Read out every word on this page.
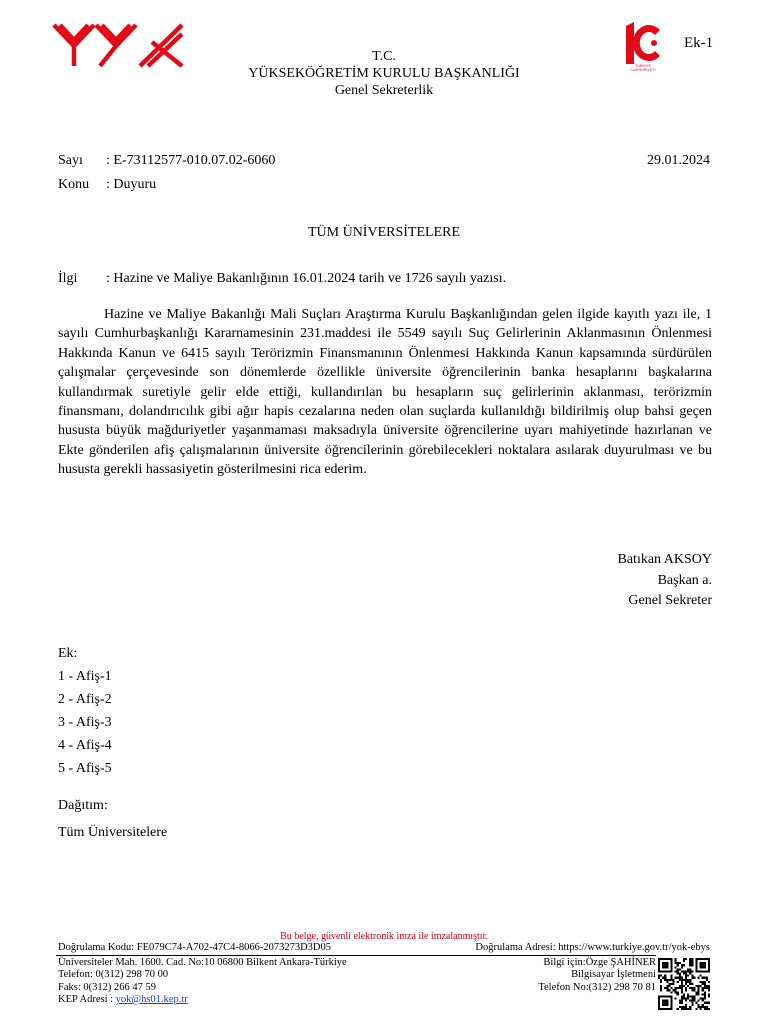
TÜRKİYE CUMHURİYETİ
Ek-1
T.C.
YÜKSEKÖĞRETİM KURULU BAŞKANLIĞI
Genel Sekreterlik
Sayı : E-73112577-010.07.02-6060	29.01.2024
Konu : Duyuru
TÜM ÜNİVERSİTELERE
İlgi : Hazine ve Maliye Bakanlığının 16.01.2024 tarih ve 1726 sayılı yazısı.

Hazine ve Maliye Bakanlığı Mali Suçları Araştırma Kurulu Başkanlığından gelen ilgide kayıtlı yazı ile, 1 sayılı Cumhurbaşkanlığı Kararnamesinin 231.maddesi ile 5549 sayılı Suç Gelirlerinin Aklanmasının Önlenmesi Hakkında Kanun ve 6415 sayılı Terörizmin Finansmanının Önlenmesi Hakkında Kanun kapsamında sürdürülen çalışmalar çerçevesinde son dönemlerde özellikle üniversite öğrencilerinin banka hesaplarını başkalarına kullandırmak suretiyle gelir elde ettiği, kullandırılan bu hesapların suç gelirlerinin aklanması, terörizmin finansmanı, dolandırıcılık gibi ağır hapis cezalarına neden olan suçlarda kullanıldığı bildirilmiş olup bahsi geçen hususta büyük mağduriyetler yaşanmaması maksadıyla üniversite öğrencilerine uyarı mahiyetinde hazırlanan ve Ekte gönderilen afiş çalışmalarının üniversite öğrencilerinin görebilecekleri noktalara asılarak duyurulması ve bu hususta gerekli hassasiyetin gösterilmesini rica ederim.

Batıkan AKSOY
Başkan a.
Genel Sekreter
Ek:
1 - Afiş-1
2 - Afiş-2
3 - Afiş-3
4 - Afiş-4
5 - Afiş-5
Dağıtım:
Tüm Üniversitelere
Bu belge, güvenli elektronik imza ile imzalanmıştır.
Doğrulama Kodu: FE079C74-A702-47C4-8066-2073273D3D05	Doğrulama Adresi: https://www.turkiye.gov.tr/yok-ebys
Üniversiteler Mah. 1600. Cad. No:10 06800 Bilkent Ankara-Türkiye
Telefon: 0(312) 298 70 00
Faks: 0(312) 266 47 59
KEP Adresi : yok@hs01.kep.tr
Bilgi için:Özge ŞAHİNER
Bilgisayar İşletmeni
Telefon No:(312) 298 70 81
